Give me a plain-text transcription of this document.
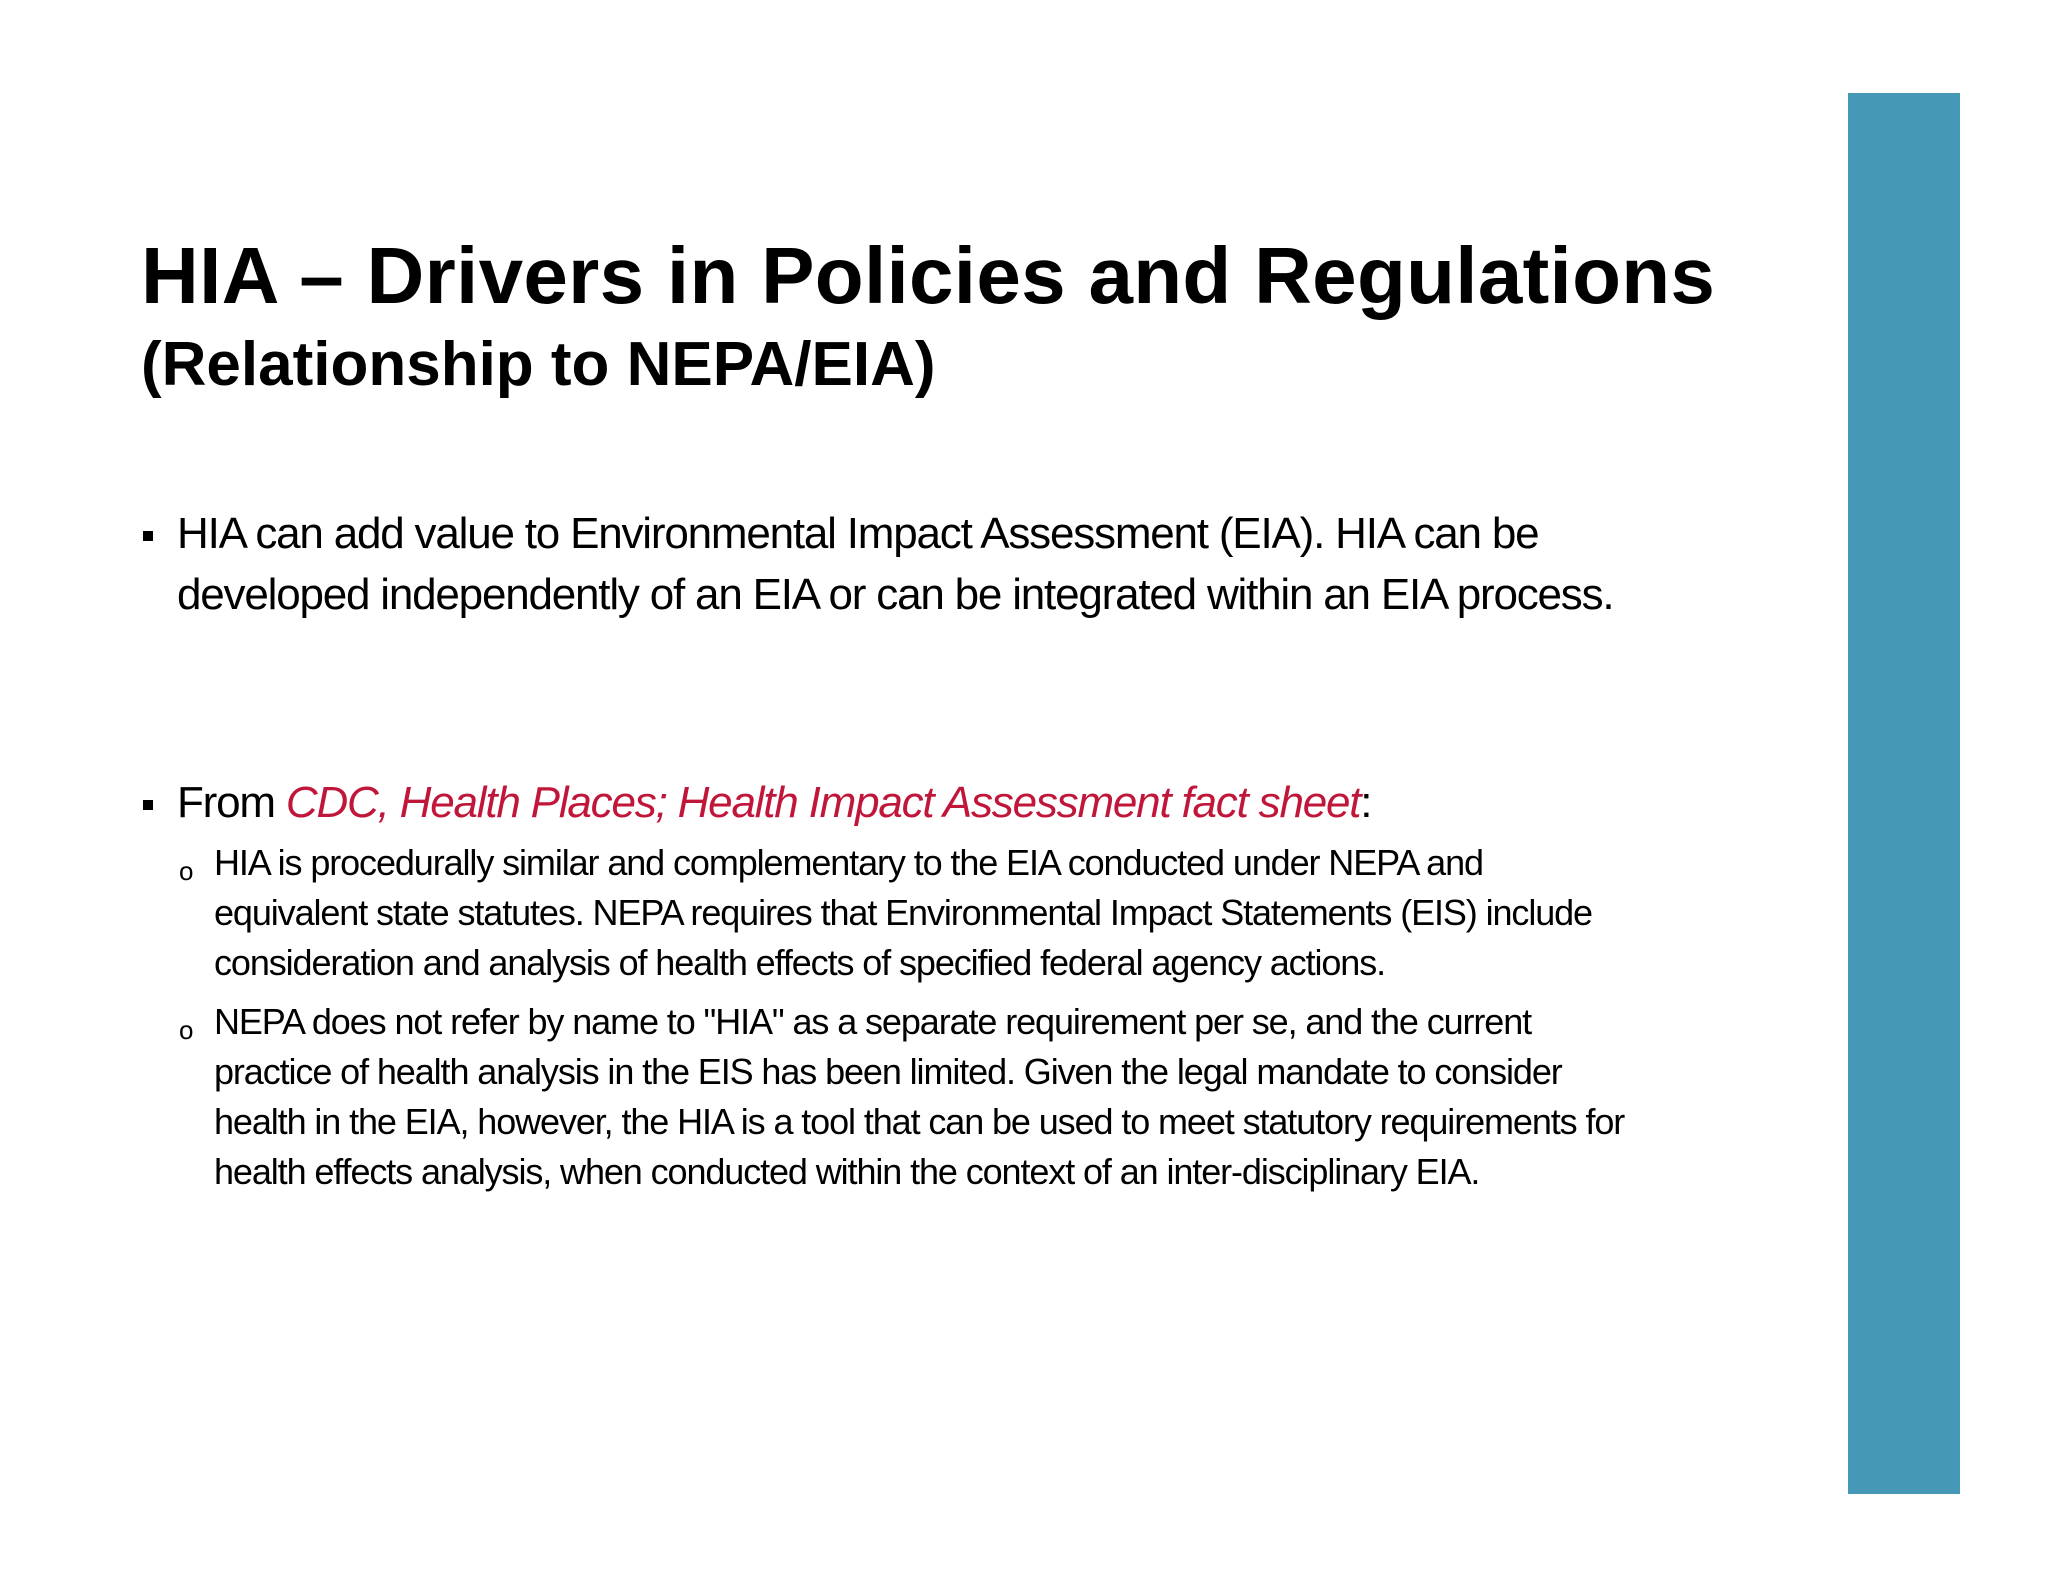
HIA – Drivers in Policies and Regulations
(Relationship to NEPA/EIA)
HIA can add value to Environmental Impact Assessment (EIA). HIA can be developed independently of an EIA or can be integrated within an EIA process.
From CDC, Health Places; Health Impact Assessment fact sheet:
o HIA is procedurally similar and complementary to the EIA conducted under NEPA and equivalent state statutes. NEPA requires that Environmental Impact Statements (EIS) include consideration and analysis of health effects of specified federal agency actions.
o NEPA does not refer by name to "HIA" as a separate requirement per se, and the current practice of health analysis in the EIS has been limited. Given the legal mandate to consider health in the EIA, however, the HIA is a tool that can be used to meet statutory requirements for health effects analysis, when conducted within the context of an inter-disciplinary EIA.
